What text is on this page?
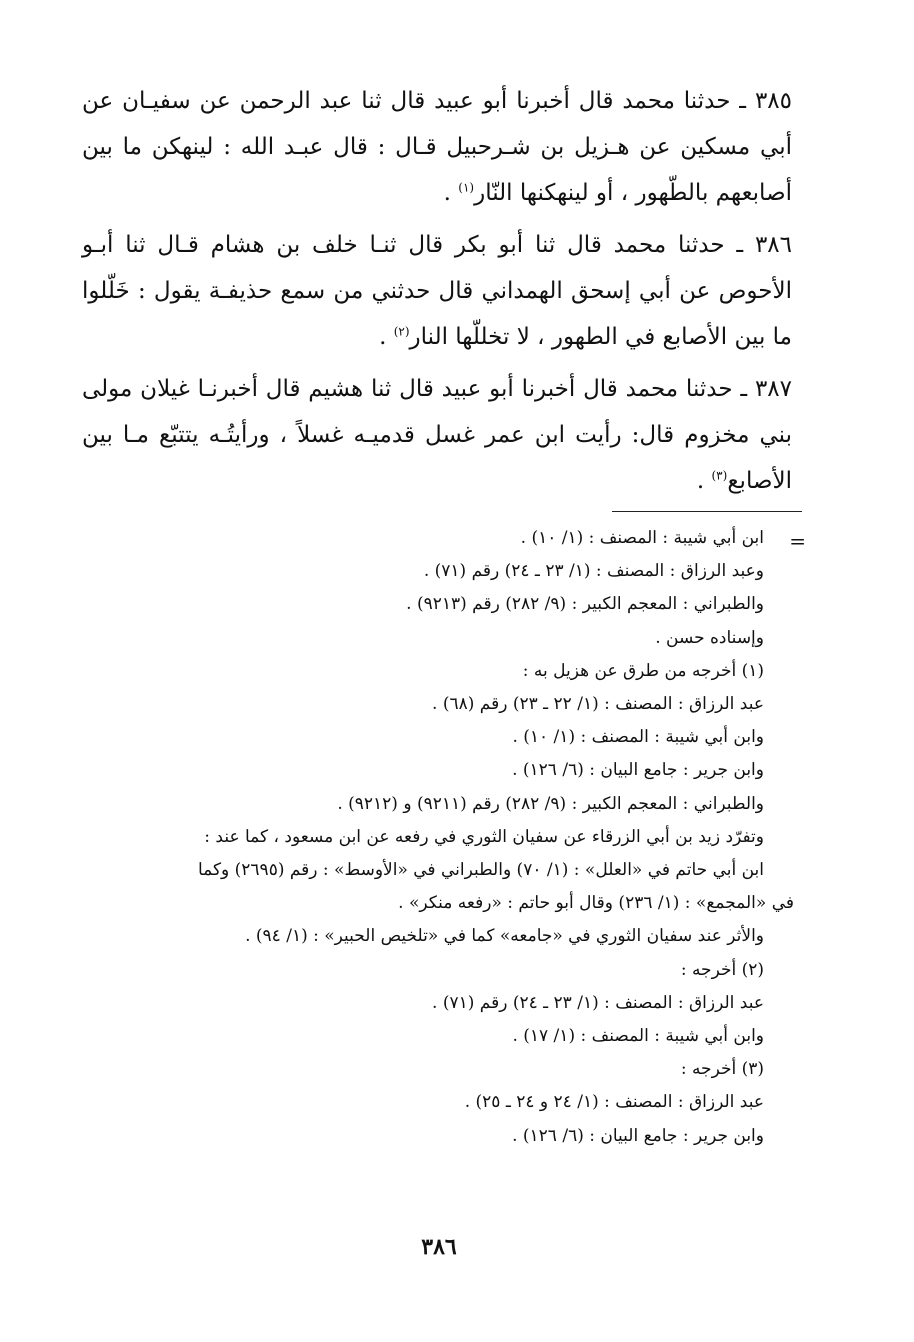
٣٨٥ ـ حدثنا محمد قال أخبرنا أبو عبيد قال ثنا عبد الرحمن عن سفيـان عن أبي مسكين عن هـزيل بن شـرحبيل قـال : قال عبـد الله : لينهكن ما بين أصابعهم بالطّهور ، أو لينهكنها النّار$^{(١)}$ .

٣٨٦ ـ حدثنا محمد قال ثنا أبو بكر قال ثنـا خلف بن هشام قـال ثنا أبـو الأحوص عن أبي إسحق الهمداني قال حدثني من سمع حذيفـة يقول : خَلّلوا ما بين الأصابع في الطهور ، لا تخللّها النار$^{(٢)}$ .

٣٨٧ ـ حدثنا محمد قال أخبرنا أبو عبيد قال ثنا هشيم قال أخبرنـا غيلان مولى بني مخزوم قال: رأيت ابن عمر غسل قدميـه غسلاً ، ورأيتُـه يتتبّع مـا بين الأصابع$^{(٣)}$ .

=

ابن أبي شيبة : المصنف : (١/ ١٠) .

وعبد الرزاق : المصنف : (١/ ٢٣ ـ ٢٤) رقم (٧١) .

والطبراني : المعجم الكبير : (٩/ ٢٨٢) رقم (٩٢١٣) .

وإسناده حسن .

(١) أخرجه من طرق عن هزيل به :

عبد الرزاق : المصنف : (١/ ٢٢ ـ ٢٣) رقم (٦٨) .

وابن أبي شيبة : المصنف : (١/ ١٠) .

وابن جرير : جامع البيان : (٦/ ١٢٦) .

والطبراني : المعجم الكبير : (٩/ ٢٨٢) رقم (٩٢١١) و (٩٢١٢) .

وتفرّد زيد بن أبي الزرقاء عن سفيان الثوري في رفعه عن ابن مسعود ، كما عند :

ابن أبي حاتم في «العلل» : (١/ ٧٠) والطبراني في «الأوسط» : رقم (٢٦٩٥) وكما

في «المجمع» : (١/ ٢٣٦) وقال أبو حاتم : «رفعه منكر» .

والأثر عند سفيان الثوري في «جامعه» كما في «تلخيص الحبير» : (١/ ٩٤) .

(٢) أخرجه :

عبد الرزاق : المصنف : (١/ ٢٣ ـ ٢٤) رقم (٧١) .

وابن أبي شيبة : المصنف : (١/ ١٧) .

(٣) أخرجه :

عبد الرزاق : المصنف : (١/ ٢٤ و ٢٤ ـ ٢٥) .

وابن جرير : جامع البيان : (٦/ ١٢٦) .

٣٨٦
